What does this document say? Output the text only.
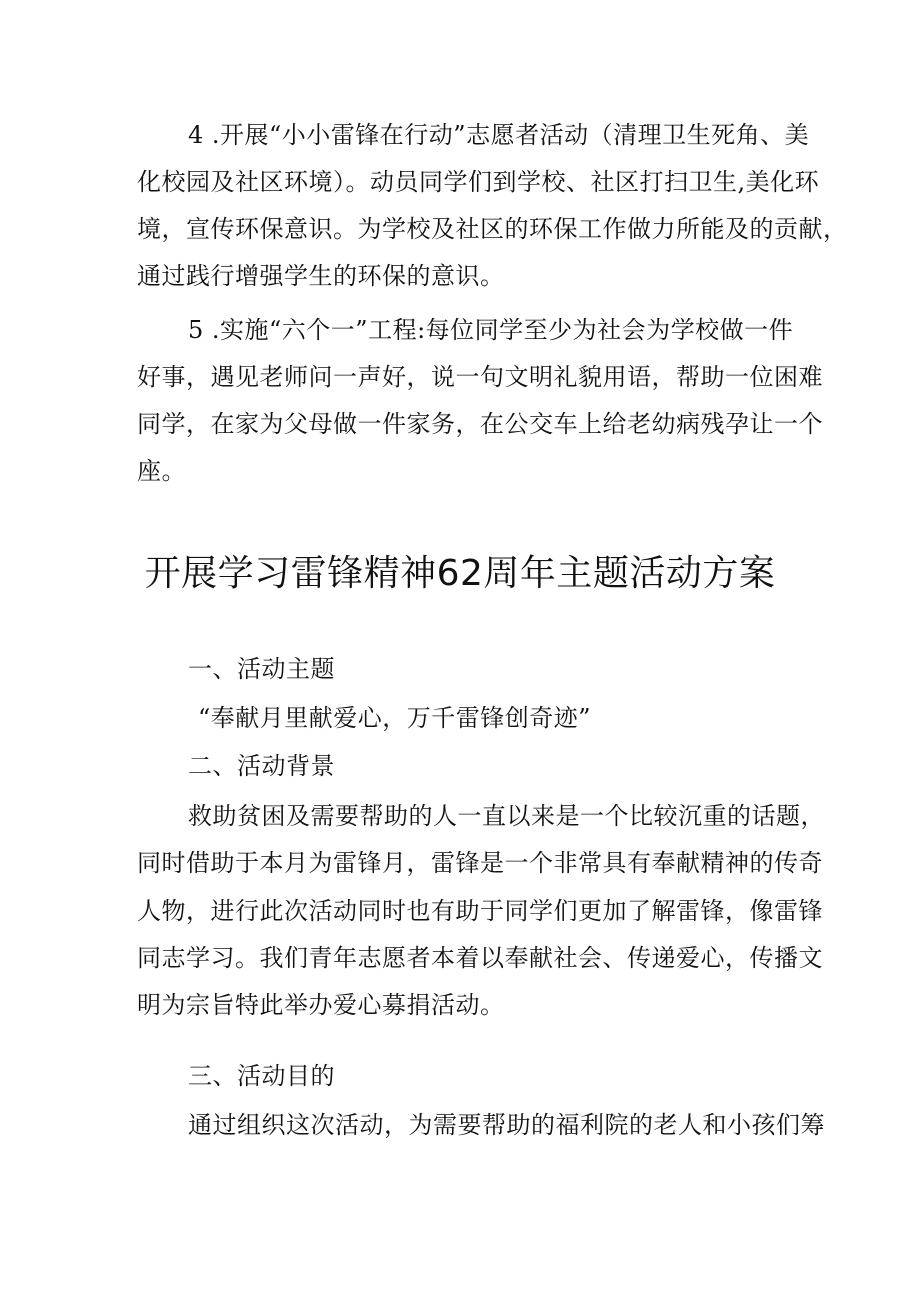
4 .开展“小小雷锋在行动”志愿者活动（清理卫生死角、美
化校园及社区环境）。动员同学们到学校、社区打扫卫生,美化环
境，宣传环保意识。为学校及社区的环保工作做力所能及的贡献，
通过践行增强学生的环保的意识。
5 .实施“六个一”工程:每位同学至少为社会为学校做一件
好事，遇见老师问一声好，说一句文明礼貌用语，帮助一位困难
同学，在家为父母做一件家务，在公交车上给老幼病残孕让一个
座。
开展学习雷锋精神62周年主题活动方案
一、活动主题
“奉献月里献爱心，万千雷锋创奇迹”
二、活动背景
救助贫困及需要帮助的人一直以来是一个比较沉重的话题，
同时借助于本月为雷锋月，雷锋是一个非常具有奉献精神的传奇
人物，进行此次活动同时也有助于同学们更加了解雷锋，像雷锋
同志学习。我们青年志愿者本着以奉献社会、传递爱心，传播文
明为宗旨特此举办爱心募捐活动。
三、活动目的
通过组织这次活动，为需要帮助的福利院的老人和小孩们筹
